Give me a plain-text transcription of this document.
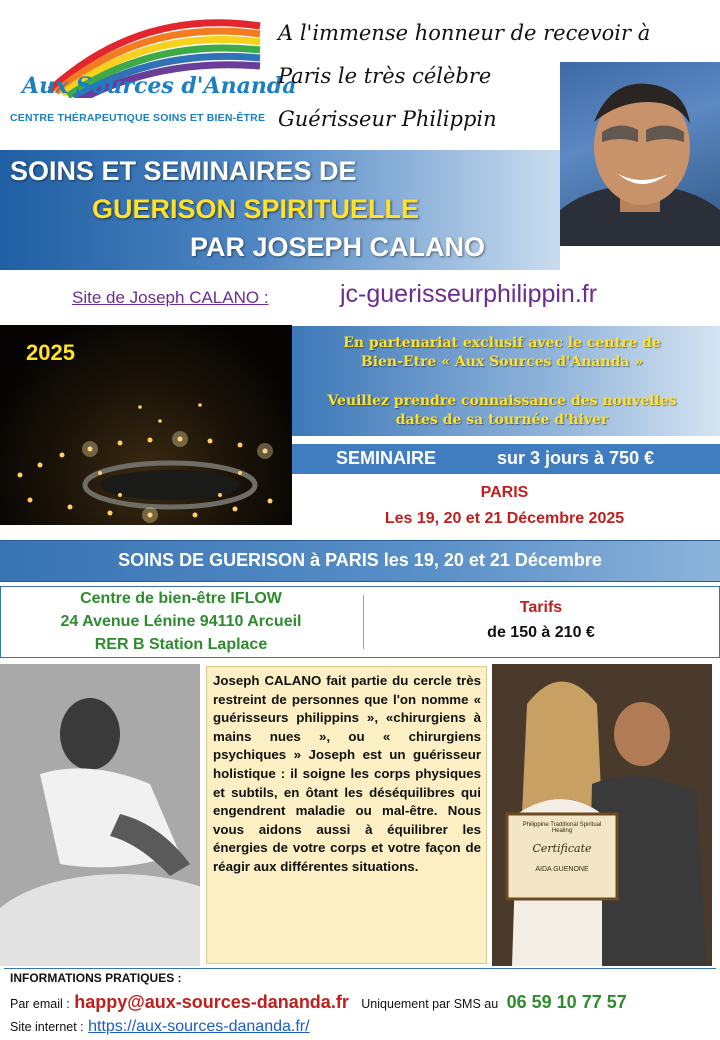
Aux Sources d'Ananda
CENTRE THÉRAPEUTIQUE SOINS ET BIEN-ÊTRE
A l'immense honneur de recevoir à
Paris le très célèbre
Guérisseur Philippin
SOINS ET SEMINAIRES DE
GUERISON SPIRITUELLE
PAR JOSEPH CALANO
Site de Joseph CALANO :	jc-guerisseurphilippin.fr
2025	En partenariat exclusif avec le centre de
Bien-Etre « Aux Sources d'Ananda »
Veuillez prendre connaissance des nouvelles
dates de sa tournée d'hiver
SEMINAIRE	sur 3 jours à 750 €
PARIS
Les 19, 20 et 21 Décembre 2025
SOINS DE GUERISON à PARIS les 19, 20 et 21 Décembre
Centre de bien-être IFLOW
24 Avenue Lénine 94110 Arcueil
RER B Station Laplace
Tarifs
de 150 à 210 €

Joseph CALANO fait partie du cercle très restreint de personnes que l'on nomme « guérisseurs philippins », «chirurgiens à mains nues », ou « chirurgiens psychiques » Joseph est un guérisseur holistique : il soigne les corps physiques et subtils, en ôtant les déséquilibres qui engendrent maladie ou mal-être. Nous vous aidons aussi à équilibrer les énergies de votre corps et votre façon de réagir aux différentes situations.

Philippine Traditional Spiritual Healing
Certificate
AIDA GUENONE
INFORMATIONS PRATIQUES :
Par email : happy@aux-sources-dananda.fr Uniquement par SMS au 06 59 10 77 57
Site internet : https://aux-sources-dananda.fr/
